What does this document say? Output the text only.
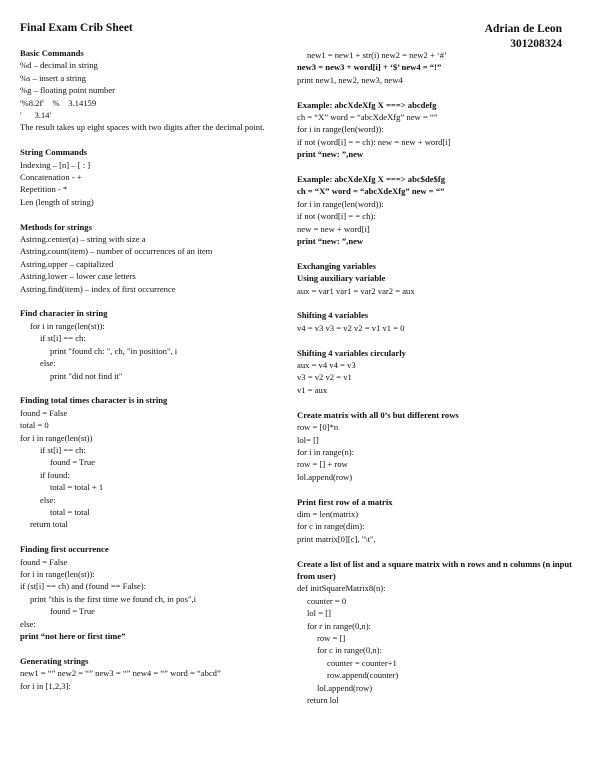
Final Exam Crib Sheet	Adrian de Leon
301208324
Basic Commands
%d – decimal in string
%s – insert a string
%g – floating point number
'%8.2f'    %    3.14159
'      3.14'
The result takes up eight spaces with two digits after the decimal point.
String Commands
Indexing – [n] – [ : ]
Concatenation - +
Repetition - *
Len (length of string)
Methods for strings
Astring.center(a) – string with size a
Astring.count(item) – number of occurrences of an item
Astring.upper – capitalized
Astring.lower – lower case letters
Astring.find(item) – index of first occurrence
Find character in string
for i in range(len(st)):
if st[i] == ch:
print "found ch: ", ch, "in position", i
else:
print "did not find it"
Finding total times character is in string
found = False
total = 0
for i in range(len(st))
if st[i] == ch:
found = True
if found:
total = total + 1
else:
total = total
return total
Finding first occurrence
found = False
for i in range(len(st)):
if (st[i] == ch) and (found == False):
print "this is the first time we found ch, in pos",i
found = True
else:
print “not here or first time”
Generating strings
new1 = “” new2 = “” new3 = “” new4 = “” word = “abcd”
for i in [1,2,3]:
new1 = new1 + str(i) new2 = new2 + ‘#’
new3 = new3 + word[i] + ‘$’ new4 = “!”
print new1, new2, new3, new4
Example: abcXdeXfg X ===> abcdefg
ch = “X” word = “abcXdeXfg” new = “”
for i in range(len(word)):
if not (word[i] = = ch): new = new + word[i]
print “new: ”,new
Example: abcXdeXfg X ===> abc$de$fg
ch = “X” word = “abcXdeXfg” new = “”
for i in range(len(word)):
if not (word[i] = = ch):
new = new + word[i]
print “new: ”,new
Exchanging variables
Using auxiliary variable
aux = var1 var1 = var2 var2 = aux
Shifting 4 variables
v4 = v3 v3 = v2 v2 = v1 v1 = 0
Shifting 4 variables circularly
aux = v4 v4 = v3
v3 = v2 v2 = v1
v1 = aux
Create matrix with all 0’s but different rows
row = [0]*n
lol= []
for i in range(n):
row = [] + row
lol.append(row)
Print first row of a matrix
dim = len(matrix)
for c in range(dim):
print matrix[0][c], "\t",
Create a list of list and a square matrix with n rows and n columns (n input from user)
def initSquareMatrix8(n):
counter = 0
lol = []
for r in range(0,n):
row = []
for c in range(0,n):
counter = counter+1
row.append(counter)
lol.append(row)
return lol
